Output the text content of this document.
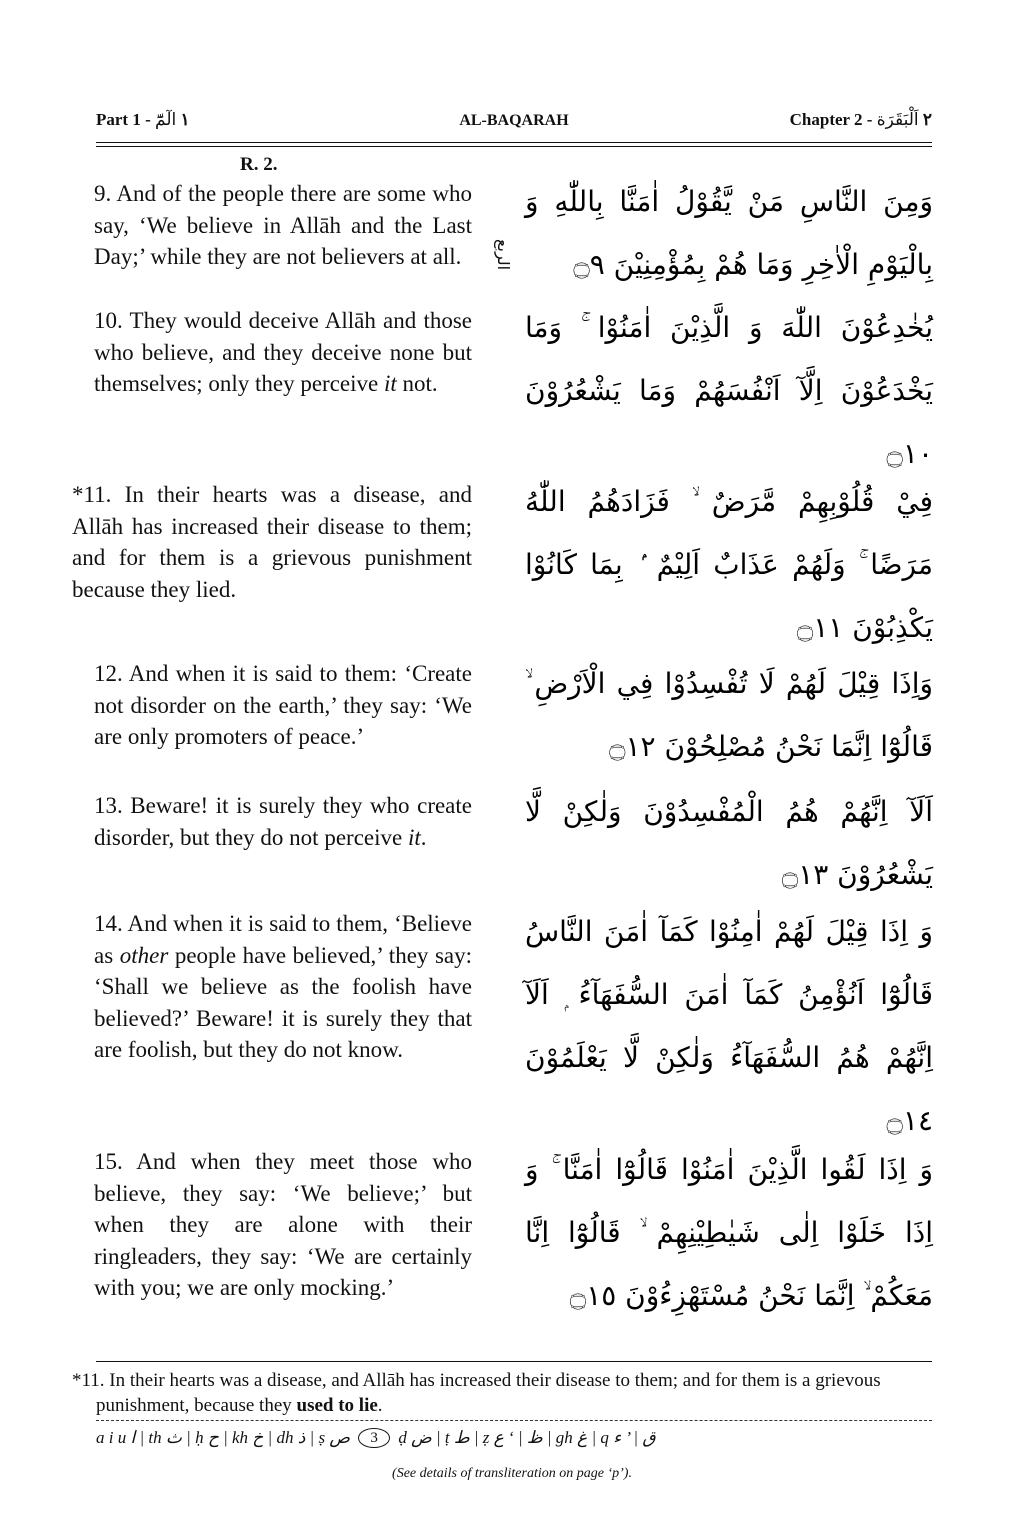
Part 1 - ١ الٓمّٓ	AL-BAQARAH	Chapter 2 - ٢ اَلْبَقَرَة
R. 2.
الربع
9. And of the people there are some who say, ‘We believe in Allāh and the Last Day;’ while they are not believers at all.
10. They would deceive Allāh and those who believe, and they deceive none but themselves; only they perceive it not.
*11. In their hearts was a disease, and Allāh has increased their disease to them; and for them is a grievous punishment because they lied.
12. And when it is said to them: ‘Create not disorder on the earth,’ they say: ‘We are only promoters of peace.’
13. Beware! it is surely they who create disorder, but they do not perceive it.
14. And when it is said to them, ‘Believe as other people have believed,’ they say: ‘Shall we believe as the foolish have believed?’ Beware! it is surely they that are foolish, but they do not know.
15. And when they meet those who believe, they say: ‘We believe;’ but when they are alone with their ringleaders, they say: ‘We are certainly with you; we are only mocking.’
وَمِنَ النَّاسِ مَنْ يَّقُوْلُ اٰمَنَّا بِاللّٰهِ وَ بِالْيَوْمِ الْاٰخِرِ وَمَا هُمْ بِمُؤْمِنِيْنَ ۝٩
يُخٰدِعُوْنَ اللّٰهَ وَ الَّذِيْنَ اٰمَنُوْا ۚ وَمَا يَخْدَعُوْنَ اِلَّآ اَنْفُسَهُمْ وَمَا يَشْعُرُوْنَ ۝١٠
فِيْ قُلُوْبِهِمْ مَّرَضٌ ۙ فَزَادَهُمُ اللّٰهُ مَرَضًا ۚ وَلَهُمْ عَذَابٌ اَلِيْمٌ ۢ بِمَا كَانُوْا يَكْذِبُوْنَ ۝١١
وَاِذَا قِيْلَ لَهُمْ لَا تُفْسِدُوْا فِي الْاَرْضِ ۙ قَالُوْٓا اِنَّمَا نَحْنُ مُصْلِحُوْنَ ۝١٢
اَلَآ اِنَّهُمْ هُمُ الْمُفْسِدُوْنَ وَلٰكِنْ لَّا يَشْعُرُوْنَ ۝١٣
وَ اِذَا قِيْلَ لَهُمْ اٰمِنُوْا كَمَآ اٰمَنَ النَّاسُ قَالُوْٓا اَنُؤْمِنُ كَمَآ اٰمَنَ السُّفَهَآءُ ۭ اَلَآ اِنَّهُمْ هُمُ السُّفَهَآءُ وَلٰكِنْ لَّا يَعْلَمُوْنَ ۝١٤
وَ اِذَا لَقُوا الَّذِيْنَ اٰمَنُوْا قَالُوْٓا اٰمَنَّا ۚ وَ اِذَا خَلَوْا اِلٰى شَيٰطِيْنِهِمْ ۙ قَالُوْٓا اِنَّا مَعَكُمْ ۙ اِنَّمَا نَحْنُ مُسْتَهْزِءُوْنَ ۝١٥
*11. In their hearts was a disease, and Allāh has increased their disease to them; and for them is a grievous punishment, because they used to lie.
a i u ا | th ث | ḥ ح | kh خ | dh ذ | ṣ ص 3 ḍ ض | ṭ ط | ẓ ظ | ‘ ع | gh غ | q ق | ’ ء
(See details of transliteration on page ‘p’).
